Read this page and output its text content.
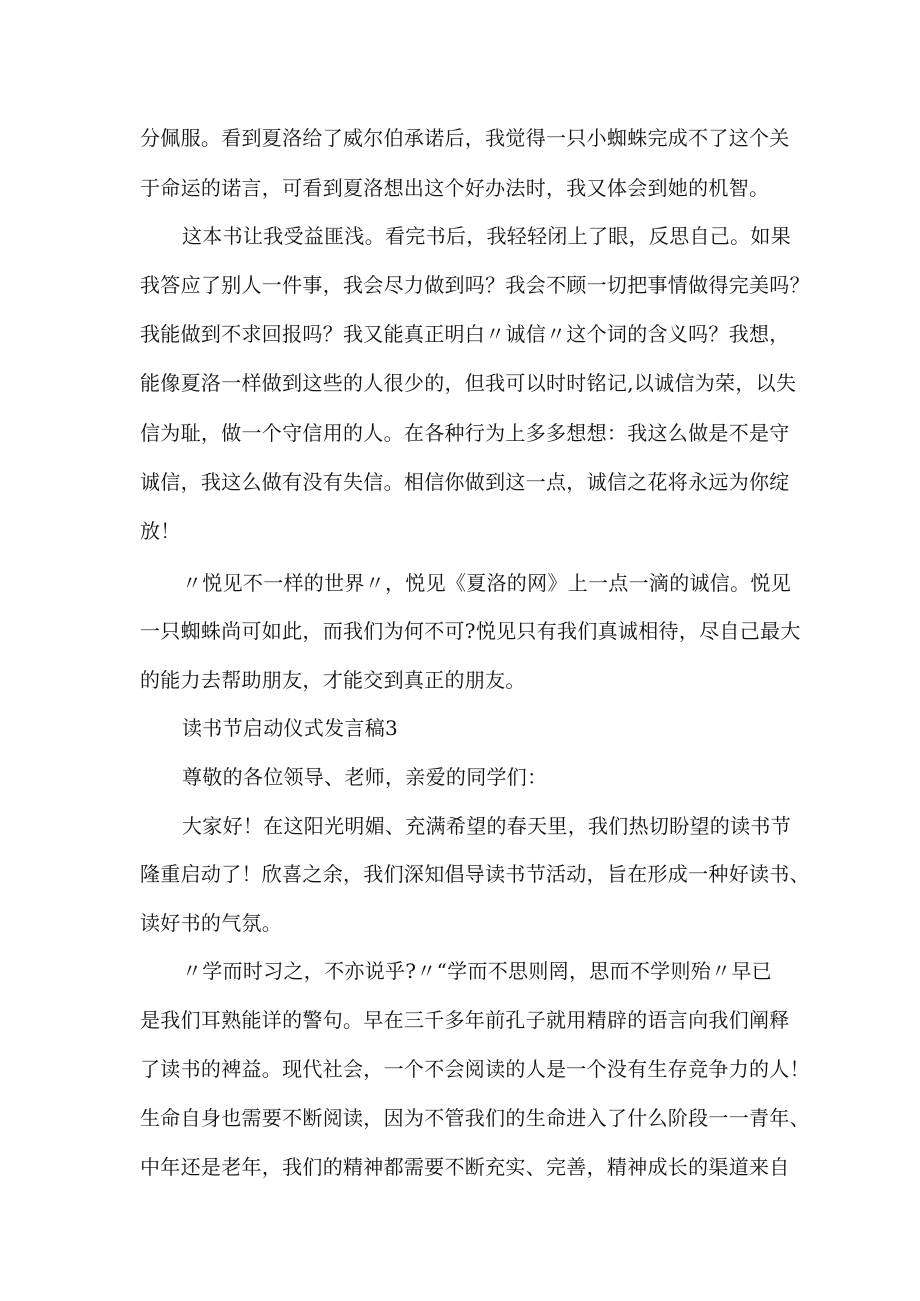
分佩服。看到夏洛给了威尔伯承诺后，我觉得一只小蜘蛛完成不了这个关
于命运的诺言，可看到夏洛想出这个好办法时，我又体会到她的机智。
这本书让我受益匪浅。看完书后，我轻轻闭上了眼，反思自己。如果
我答应了别人一件事，我会尽力做到吗？我会不顾一切把事情做得完美吗？
我能做到不求回报吗？我又能真正明白〃诚信〃这个词的含义吗？我想，
能像夏洛一样做到这些的人很少的，但我可以时时铭记,以诚信为荣，以失
信为耻，做一个守信用的人。在各种行为上多多想想：我这么做是不是守
诚信，我这么做有没有失信。相信你做到这一点，诚信之花将永远为你绽
放！
〃悦见不一样的世界〃，悦见《夏洛的网》上一点一滴的诚信。悦见
一只蜘蛛尚可如此，而我们为何不可?悦见只有我们真诚相待，尽自己最大
的能力去帮助朋友，才能交到真正的朋友。
读书节启动仪式发言稿3
尊敬的各位领导、老师，亲爱的同学们：
大家好！在这阳光明媚、充满希望的春天里，我们热切盼望的读书节
隆重启动了！欣喜之余，我们深知倡导读书节活动，旨在形成一种好读书、
读好书的气氛。
〃学而时习之，不亦说乎?〃“学而不思则罔，思而不学则殆〃早已
是我们耳熟能详的警句。早在三千多年前孔子就用精辟的语言向我们阐释
了读书的裨益。现代社会，一个不会阅读的人是一个没有生存竞争力的人！
生命自身也需要不断阅读，因为不管我们的生命进入了什么阶段一一青年、
中年还是老年，我们的精神都需要不断充实、完善，精神成长的渠道来自
